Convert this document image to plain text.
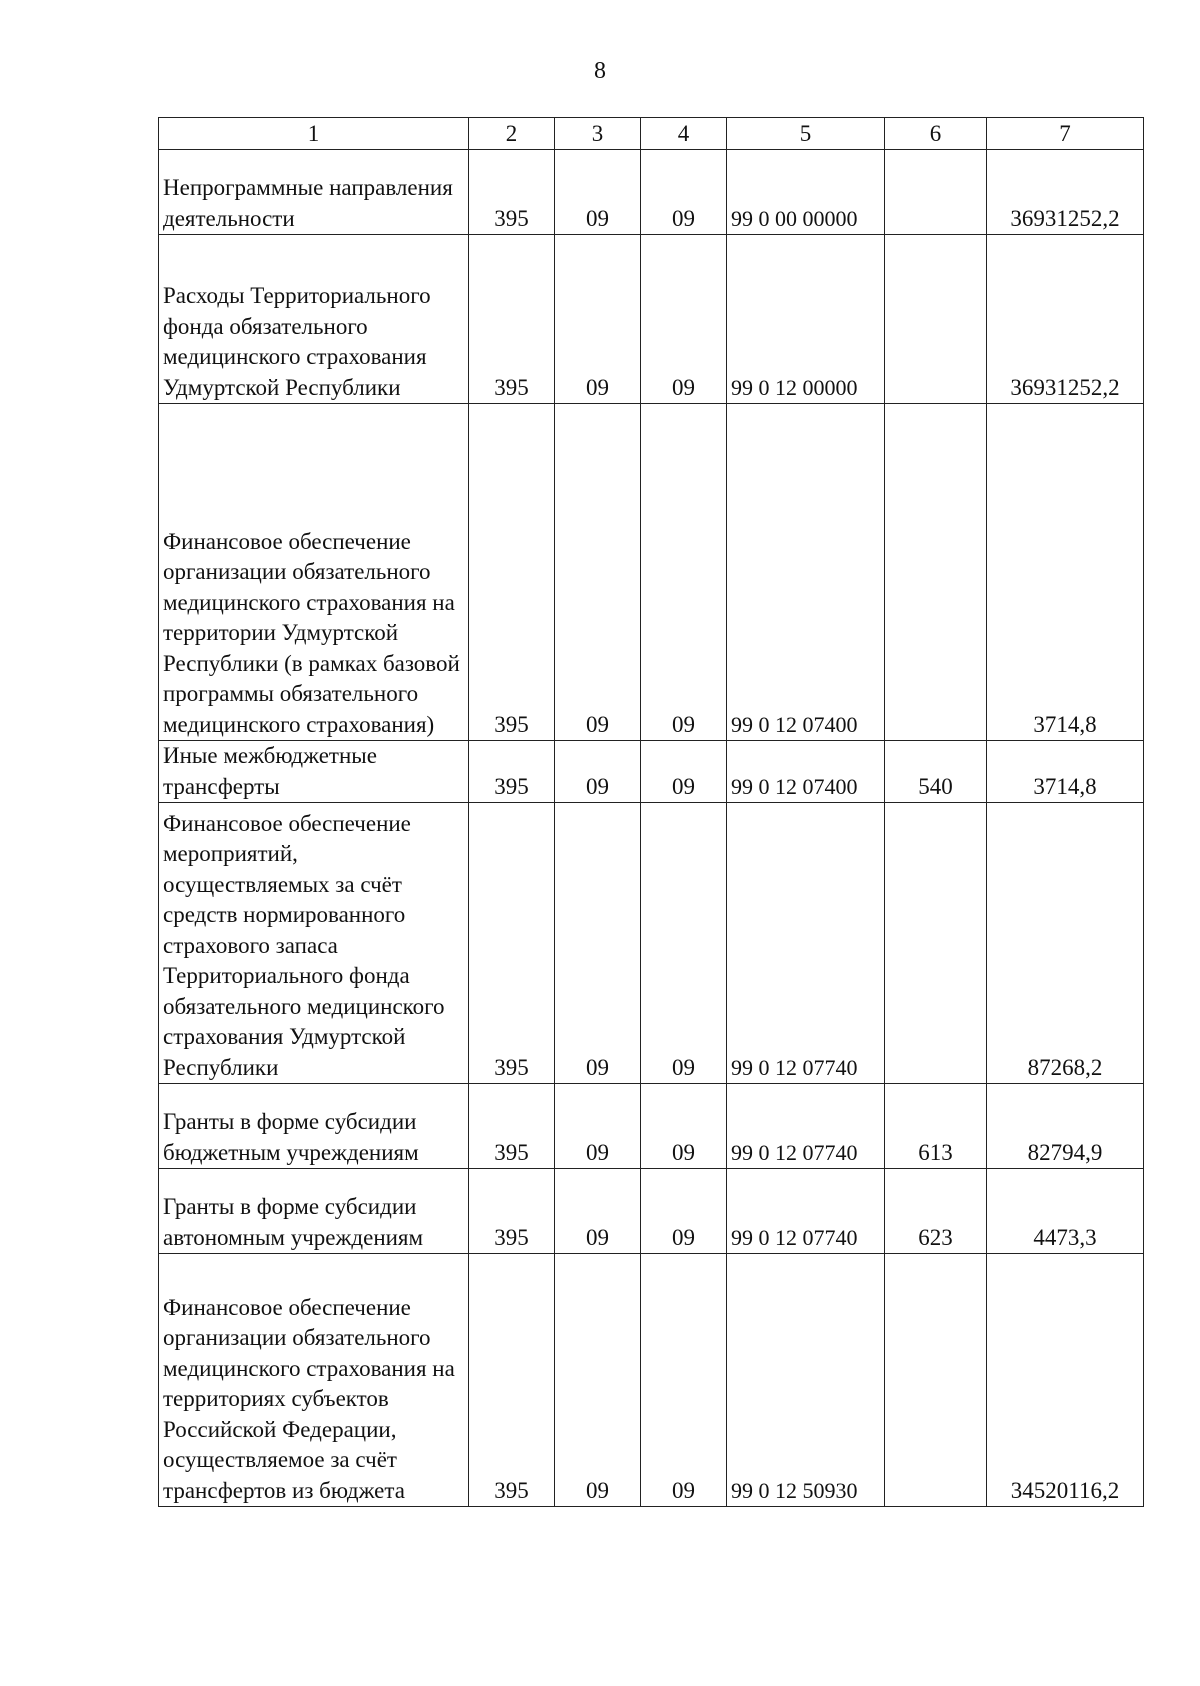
8
1	2	3	4	5	6	7
Непрограммные направления деятельности	395	09	09	99 0 00 00000		36931252,2
Расходы Территориального фонда обязательного медицинского страхования Удмуртской Республики	395	09	09	99 0 12 00000		36931252,2
Финансовое обеспечение организации обязательного медицинского страхования на территории Удмуртской Республики (в рамках базовой программы обязательного медицинского страхования)	395	09	09	99 0 12 07400		3714,8
Иные межбюджетные трансферты	395	09	09	99 0 12 07400	540	3714,8
Финансовое обеспечение мероприятий, осуществляемых за счёт средств нормированного страхового запаса Территориального фонда обязательного медицинского страхования Удмуртской Республики	395	09	09	99 0 12 07740		87268,2
Гранты в форме субсидии бюджетным учреждениям	395	09	09	99 0 12 07740	613	82794,9
Гранты в форме субсидии автономным учреждениям	395	09	09	99 0 12 07740	623	4473,3
Финансовое обеспечение организации обязательного медицинского страхования на территориях субъектов Российской Федерации, осуществляемое за счёт трансфертов из бюджета	395	09	09	99 0 12 50930		34520116,2
